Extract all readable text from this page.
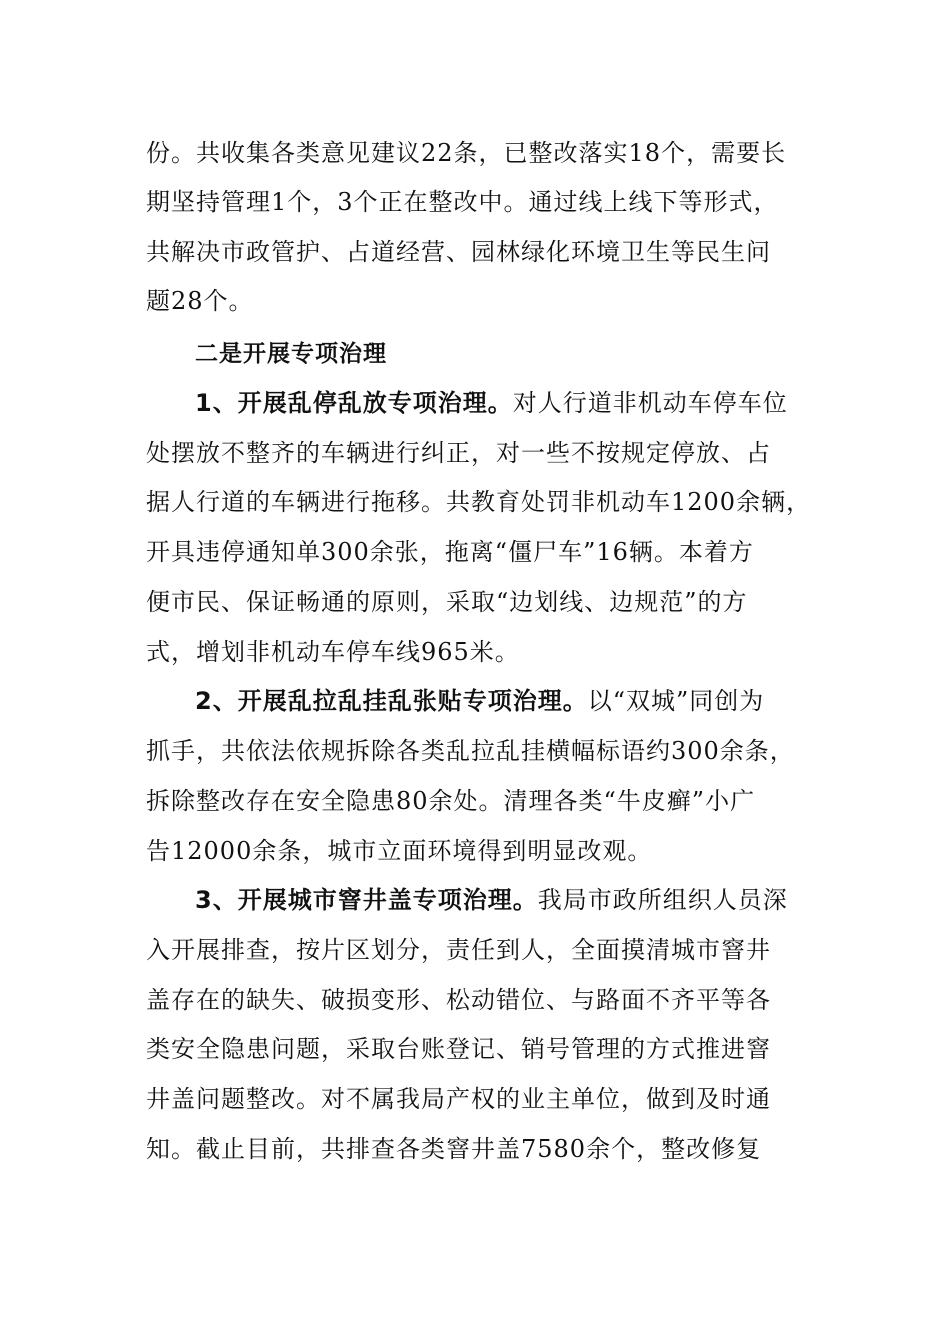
份。共收集各类意见建议22条，已整改落实18个，需要长
期坚持管理1个，3个正在整改中。通过线上线下等形式，
共解决市政管护、占道经营、园林绿化环境卫生等民生问
题28个。
二是开展专项治理
1、开展乱停乱放专项治理。对人行道非机动车停车位
处摆放不整齐的车辆进行纠正，对一些不按规定停放、占
据人行道的车辆进行拖移。共教育处罚非机动车1200余辆，
开具违停通知单300余张，拖离“僵尸车”16辆。本着方
便市民、保证畅通的原则，采取“边划线、边规范”的方
式，增划非机动车停车线965米。
2、开展乱拉乱挂乱张贴专项治理。以“双城”同创为
抓手，共依法依规拆除各类乱拉乱挂横幅标语约300余条，
拆除整改存在安全隐患80余处。清理各类“牛皮癣”小广
告12000余条，城市立面环境得到明显改观。
3、开展城市窨井盖专项治理。我局市政所组织人员深
入开展排查，按片区划分，责任到人，全面摸清城市窨井
盖存在的缺失、破损变形、松动错位、与路面不齐平等各
类安全隐患问题，采取台账登记、销号管理的方式推进窨
井盖问题整改。对不属我局产权的业主单位，做到及时通
知。截止目前，共排查各类窨井盖7580余个，整改修复
